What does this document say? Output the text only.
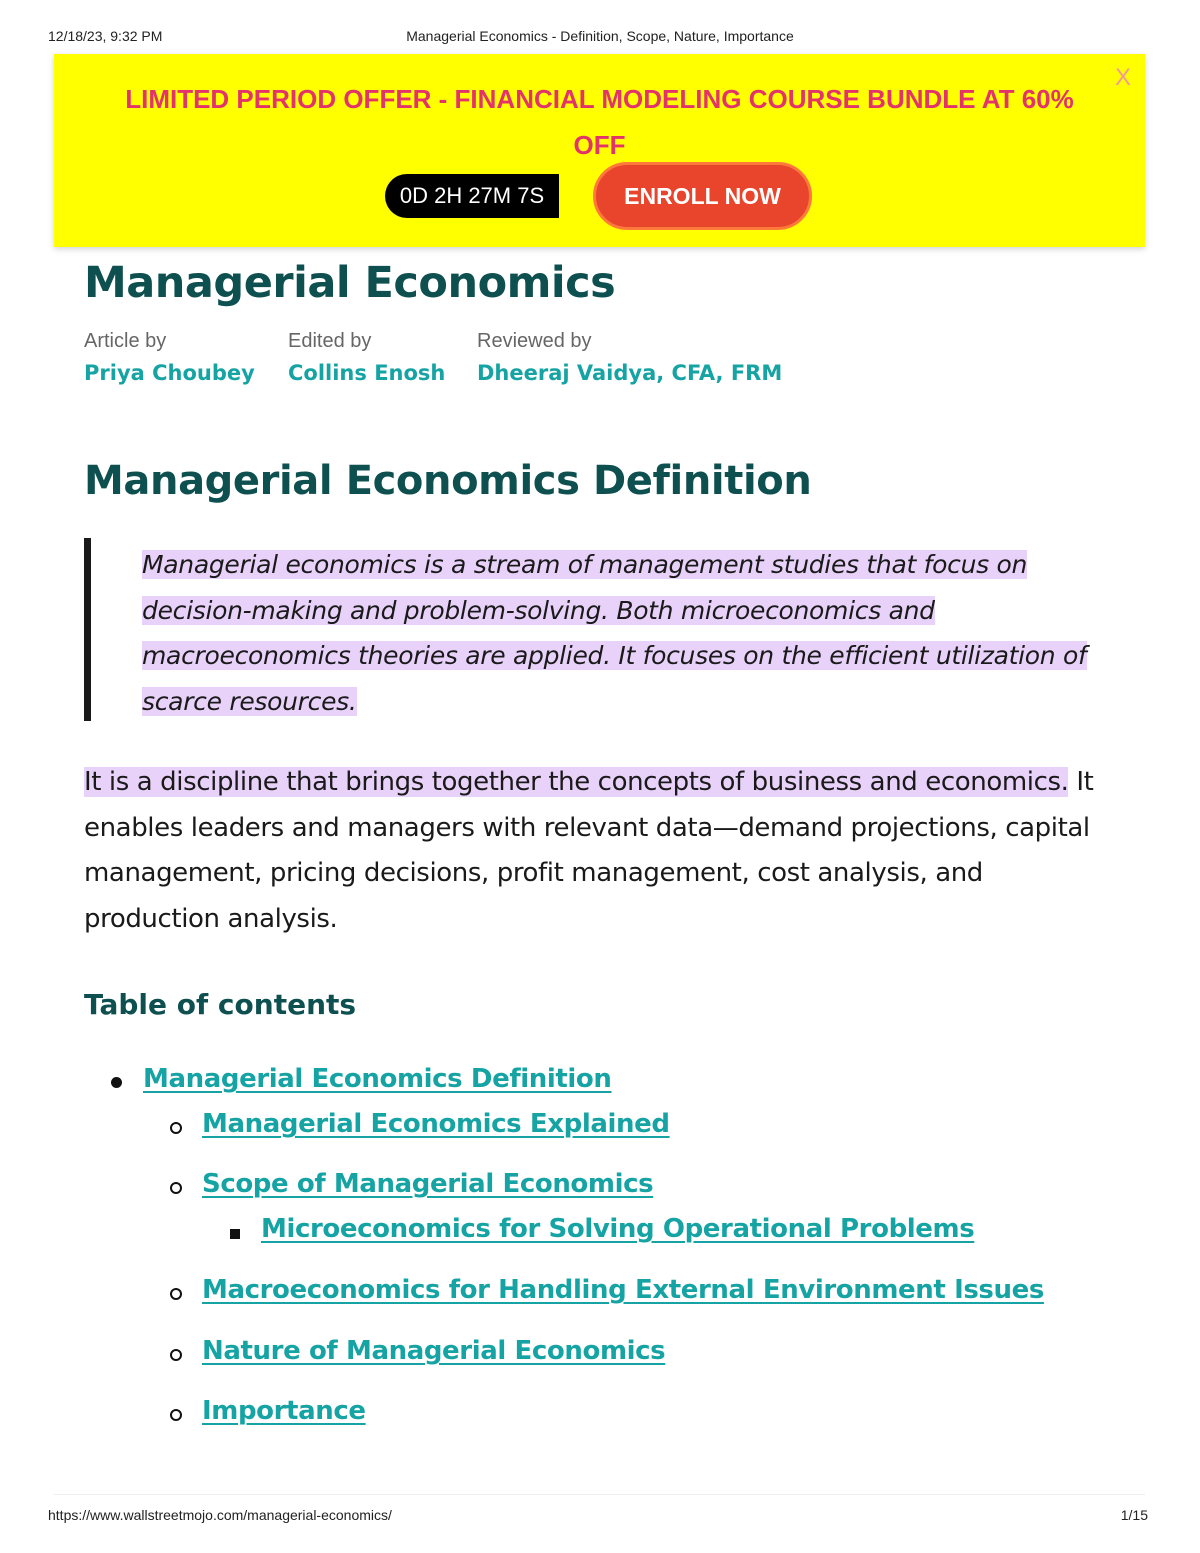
12/18/23, 9:32 PM	Managerial Economics - Definition, Scope, Nature, Importance
LIMITED PERIOD OFFER - FINANCIAL MODELING COURSE BUNDLE AT 60% OFF
X
0D 2H 27M 7S	ENROLL NOW
Managerial Economics
Article by
Priya Choubey
Edited by
Collins Enosh
Reviewed by
Dheeraj Vaidya, CFA, FRM
Managerial Economics Definition

Managerial economics is a stream of management studies that focus on decision-making and problem-solving. Both microeconomics and macroeconomics theories are applied. It focuses on the efficient utilization of scarce resources.

It is a discipline that brings together the concepts of business and economics. It enables leaders and managers with relevant data—demand projections, capital management, pricing decisions, profit management, cost analysis, and production analysis.

Table of contents
Managerial Economics Definition
Managerial Economics Explained
Scope of Managerial Economics
Microeconomics for Solving Operational Problems
Macroeconomics for Handling External Environment Issues
Nature of Managerial Economics
Importance
https://www.wallstreetmojo.com/managerial-economics/	1/15
